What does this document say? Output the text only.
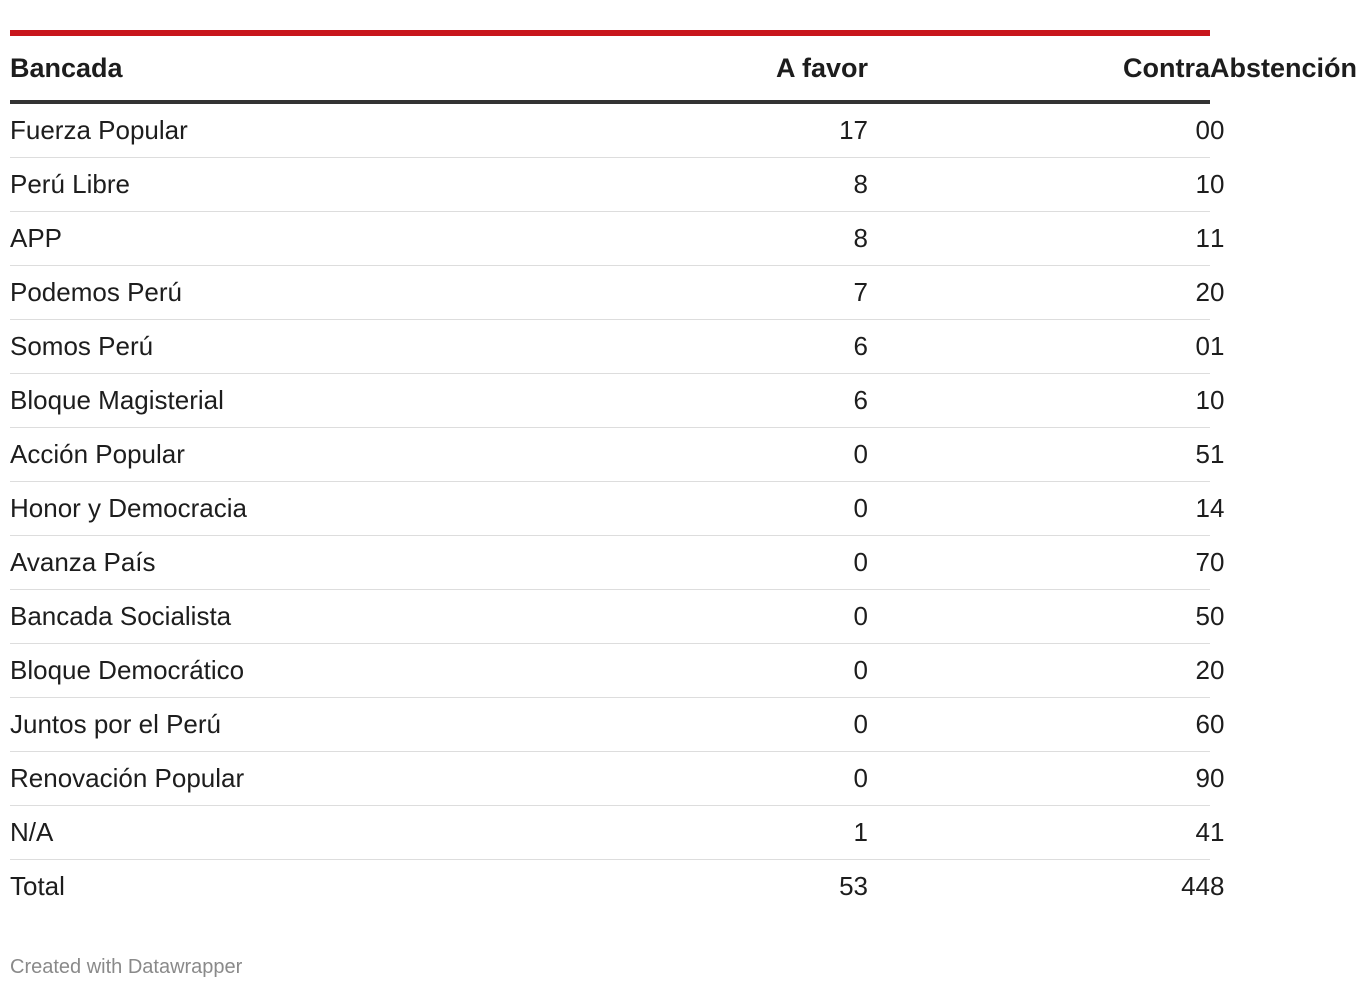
Bancada	A favor	Contra	Abstención
Fuerza Popular	17	0	0
Perú Libre	8	1	0
APP	8	1	1
Podemos Perú	7	2	0
Somos Perú	6	0	1
Bloque Magisterial	6	1	0
Acción Popular	0	5	1
Honor y Democracia	0	1	4
Avanza País	0	7	0
Bancada Socialista	0	5	0
Bloque Democrático	0	2	0
Juntos por el Perú	0	6	0
Renovación Popular	0	9	0
N/A	1	4	1
Total	53	44	8
Created with Datawrapper
